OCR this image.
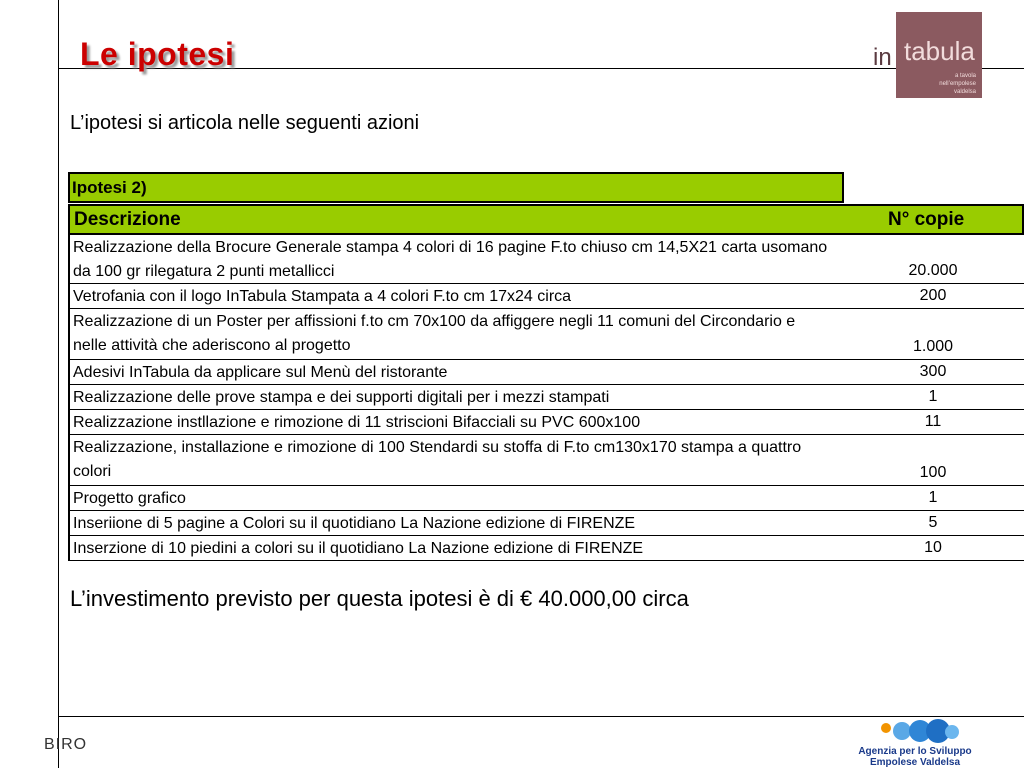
Le ipotesi	in tabula
a tavola
nell’empolese
valdelsa
L’ipotesi si articola nelle seguenti azioni
Ipotesi 2)
Descrizione	N° copie
Realizzazione della Brocure Generale stampa 4 colori di 16 pagine F.to chiuso cm 14,5X21 carta usomano da 100 gr rilegatura 2 punti metallicci	20.000
Vetrofania con il logo InTabula Stampata a 4 colori F.to cm 17x24 circa	200
Realizzazione di un Poster per affissioni f.to cm 70x100 da affiggere negli 11 comuni del Circondario e nelle attività che aderiscono al progetto	1.000
Adesivi InTabula da applicare sul Menù del ristorante	300
Realizzazione delle prove stampa e dei supporti digitali per i mezzi stampati	1
Realizzazione instllazione e rimozione di 11 striscioni Bifacciali su PVC 600x100	11
Realizzazione, installazione e rimozione di 100 Stendardi su stoffa di F.to cm130x170 stampa a quattro colori	100
Progetto grafico	1
Inseriione di 5 pagine a Colori su il quotidiano La Nazione edizione di FIRENZE	5
Inserzione di 10 piedini a colori su il quotidiano La Nazione edizione di FIRENZE	10
L’investimento previsto per questa ipotesi è di € 40.000,00 circa
BIRO	Agenzia per lo Sviluppo
Empolese Valdelsa
